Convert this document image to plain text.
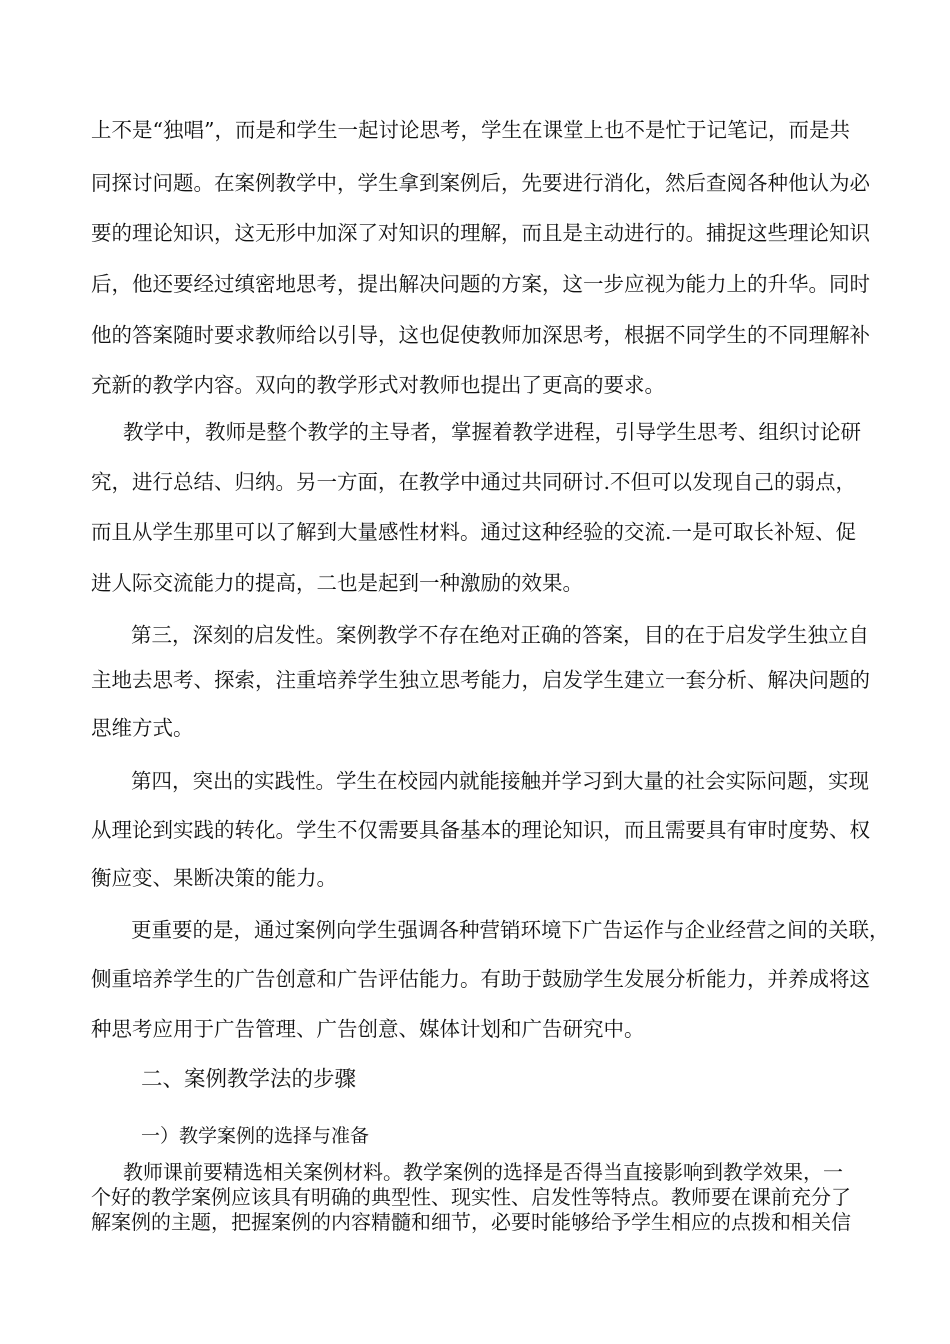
上不是“独唱”，而是和学生一起讨论思考，学生在课堂上也不是忙于记笔记，而是共
同探讨问题。在案例教学中，学生拿到案例后，先要进行消化，然后查阅各种他认为必
要的理论知识，这无形中加深了对知识的理解，而且是主动进行的。捕捉这些理论知识
后，他还要经过缜密地思考，提出解决问题的方案，这一步应视为能力上的升华。同时
他的答案随时要求教师给以引导，这也促使教师加深思考，根据不同学生的不同理解补
充新的教学内容。双向的教学形式对教师也提出了更高的要求。
教学中，教师是整个教学的主导者，掌握着教学进程，引导学生思考、组织讨论研
究，进行总结、归纳。另一方面，在教学中通过共同研讨.不但可以发现自己的弱点，
而且从学生那里可以了解到大量感性材料。通过这种经验的交流.一是可取长补短、促
进人际交流能力的提高，二也是起到一种激励的效果。
第三，深刻的启发性。案例教学不存在绝对正确的答案，目的在于启发学生独立自
主地去思考、探索，注重培养学生独立思考能力，启发学生建立一套分析、解决问题的
思维方式。
第四，突出的实践性。学生在校园内就能接触并学习到大量的社会实际问题，实现
从理论到实践的转化。学生不仅需要具备基本的理论知识，而且需要具有审时度势、权
衡应变、果断决策的能力。
更重要的是，通过案例向学生强调各种营销环境下广告运作与企业经营之间的关联，
侧重培养学生的广告创意和广告评估能力。有助于鼓励学生发展分析能力，并养成将这
种思考应用于广告管理、广告创意、媒体计划和广告研究中。
二、案例教学法的步骤
一）教学案例的选择与准备
教师课前要精选相关案例材料。教学案例的选择是否得当直接影响到教学效果，一
个好的教学案例应该具有明确的典型性、现实性、启发性等特点。教师要在课前充分了
解案例的主题，把握案例的内容精髓和细节，必要时能够给予学生相应的点拨和相关信
